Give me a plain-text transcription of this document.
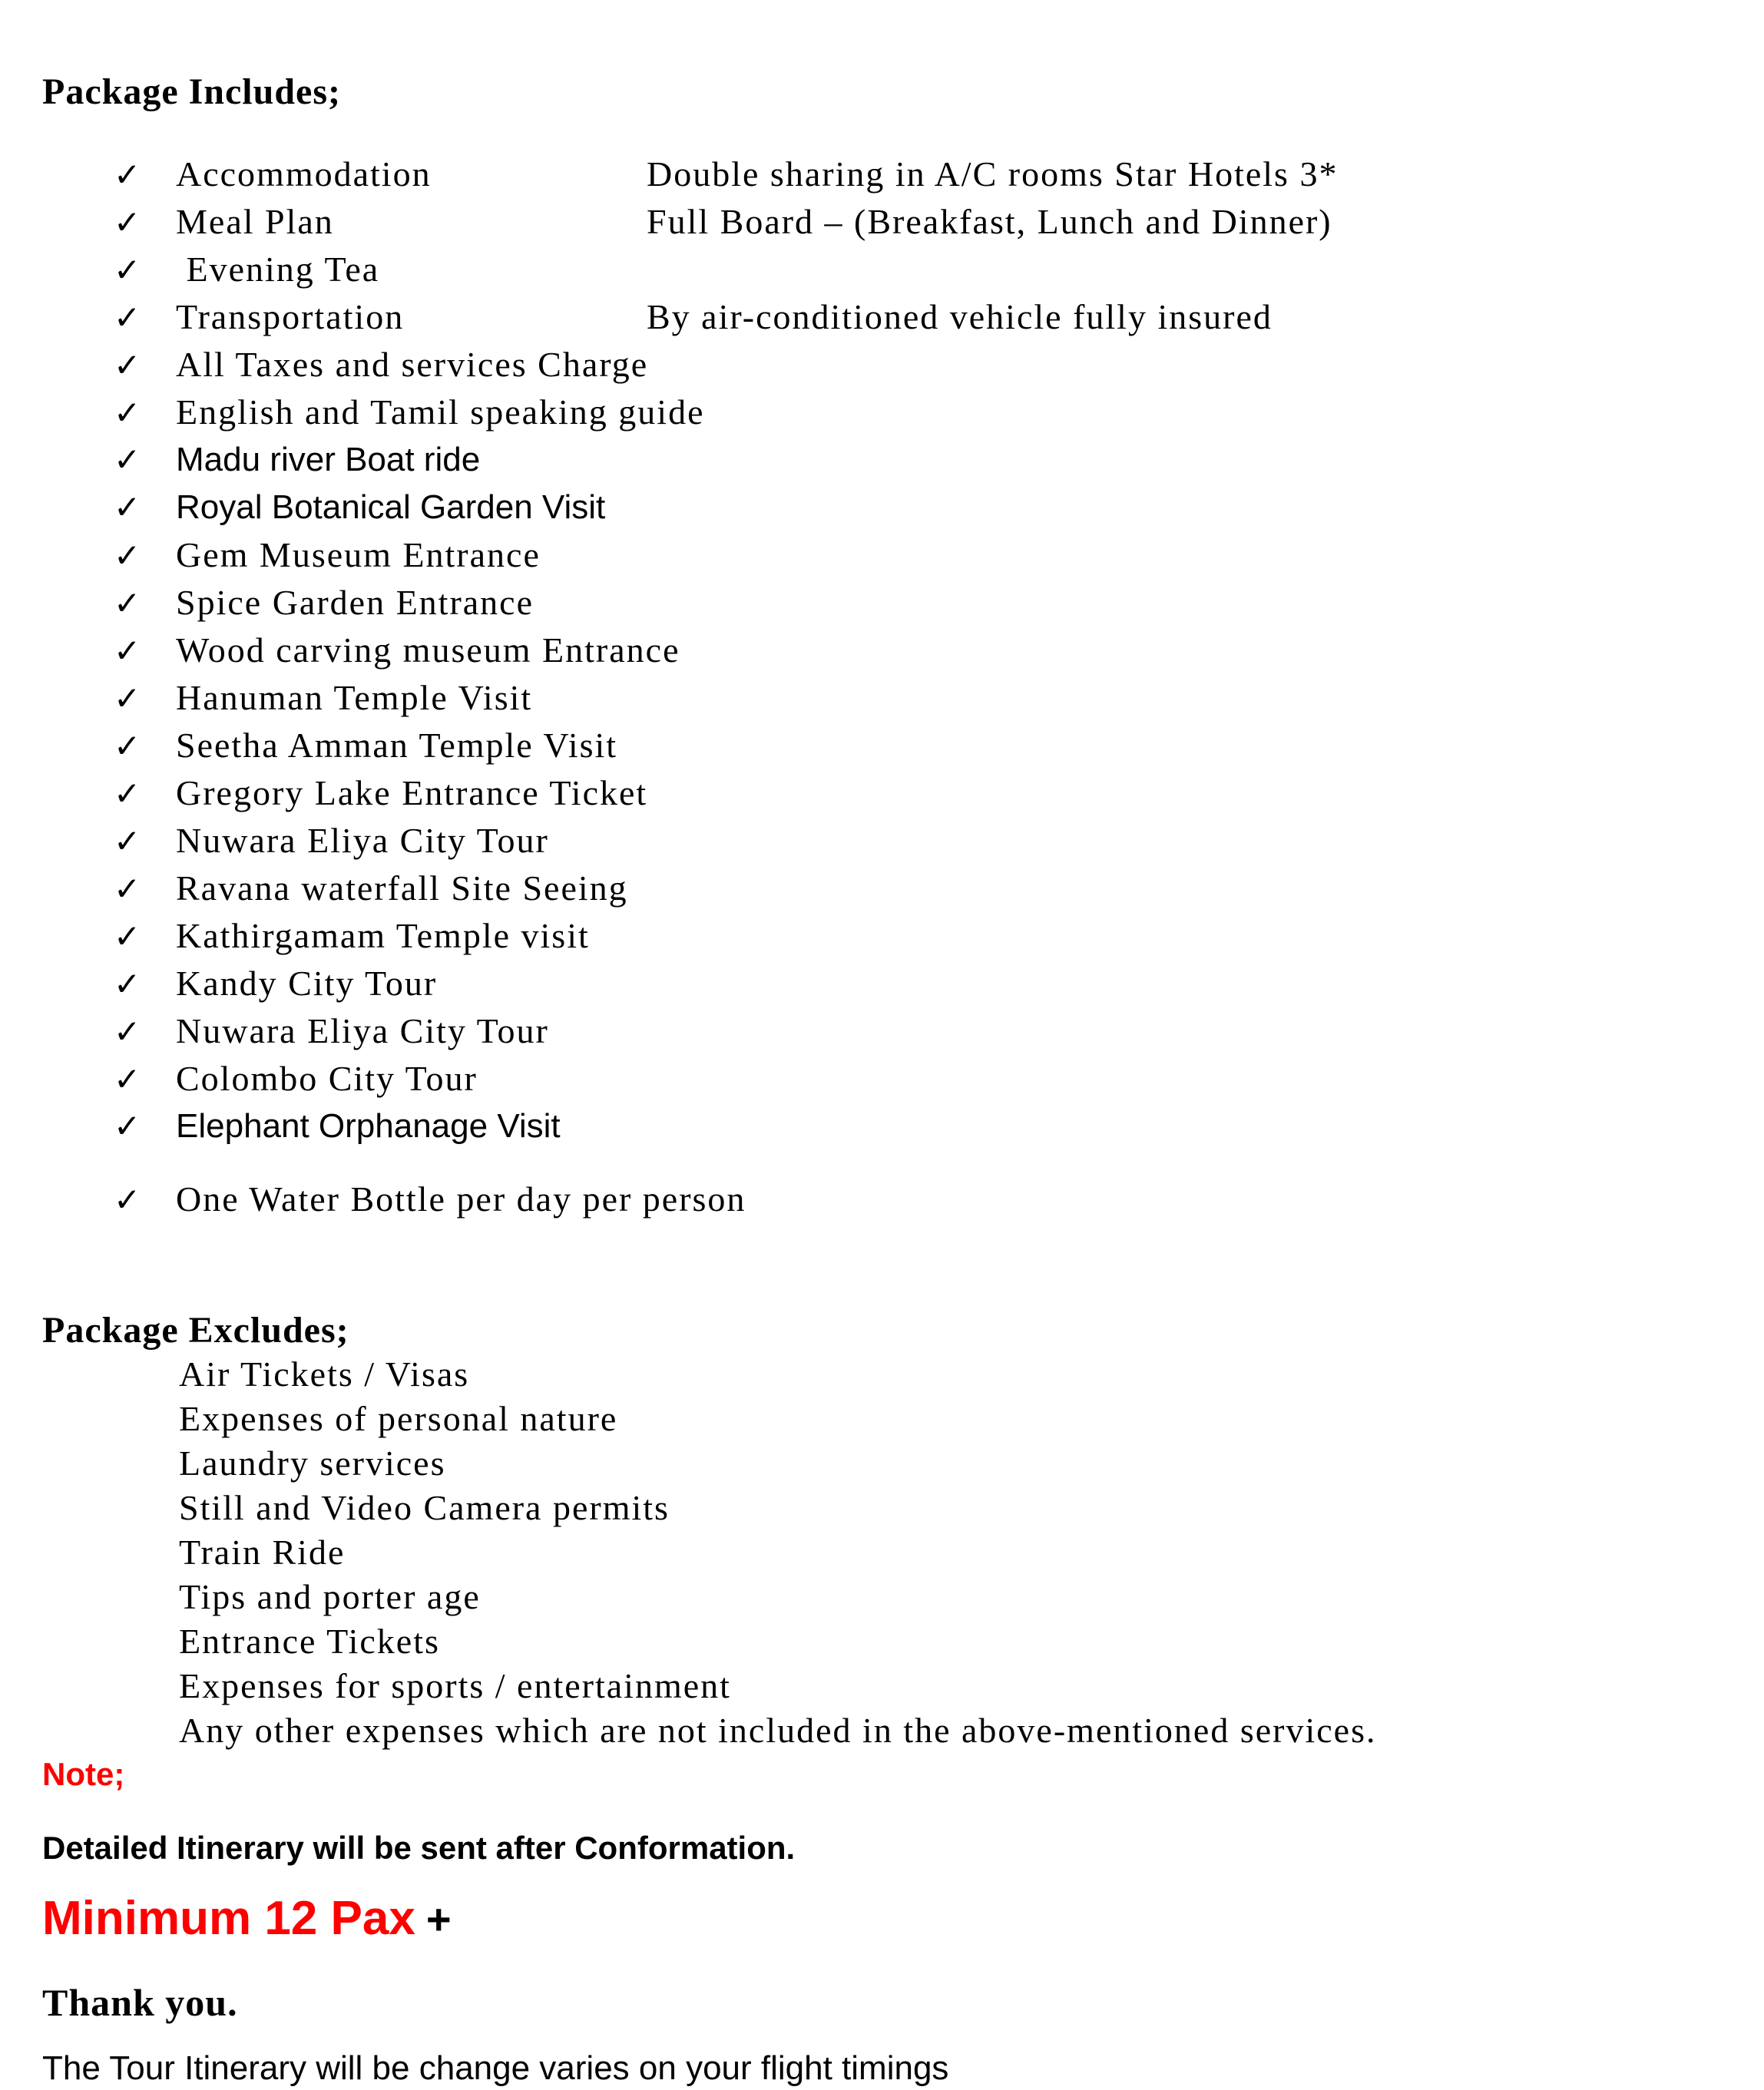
Package Includes;
✓ Accommodation	Double sharing in A/C rooms Star Hotels 3*
✓ Meal Plan	Full Board – (Breakfast, Lunch and Dinner)
✓ Evening Tea
✓ Transportation	By air-conditioned vehicle fully insured
✓ All Taxes and services Charge
✓ English and Tamil speaking guide
✓	Madu river Boat ride
✓	Royal Botanical Garden Visit
✓ Gem Museum Entrance
✓ Spice Garden Entrance
✓ Wood carving museum Entrance
✓ Hanuman Temple Visit
✓ Seetha Amman Temple Visit
✓ Gregory Lake Entrance Ticket
✓ Nuwara Eliya City Tour
✓ Ravana waterfall Site Seeing
✓ Kathirgamam Temple visit
✓ Kandy City Tour
✓ Nuwara Eliya City Tour
✓ Colombo City Tour
✓	Elephant Orphanage Visit
✓ One Water Bottle per day per person
Package Excludes;
Air Tickets / Visas
Expenses of personal nature
Laundry services
Still and Video Camera permits
Train Ride
Tips and porter age
Entrance Tickets
Expenses for sports / entertainment
Any other expenses which are not included in the above-mentioned services.
Note;
Detailed Itinerary will be sent after Conformation.
Minimum 12 Pax +
Thank you.
The Tour Itinerary will be change varies on your flight timings
